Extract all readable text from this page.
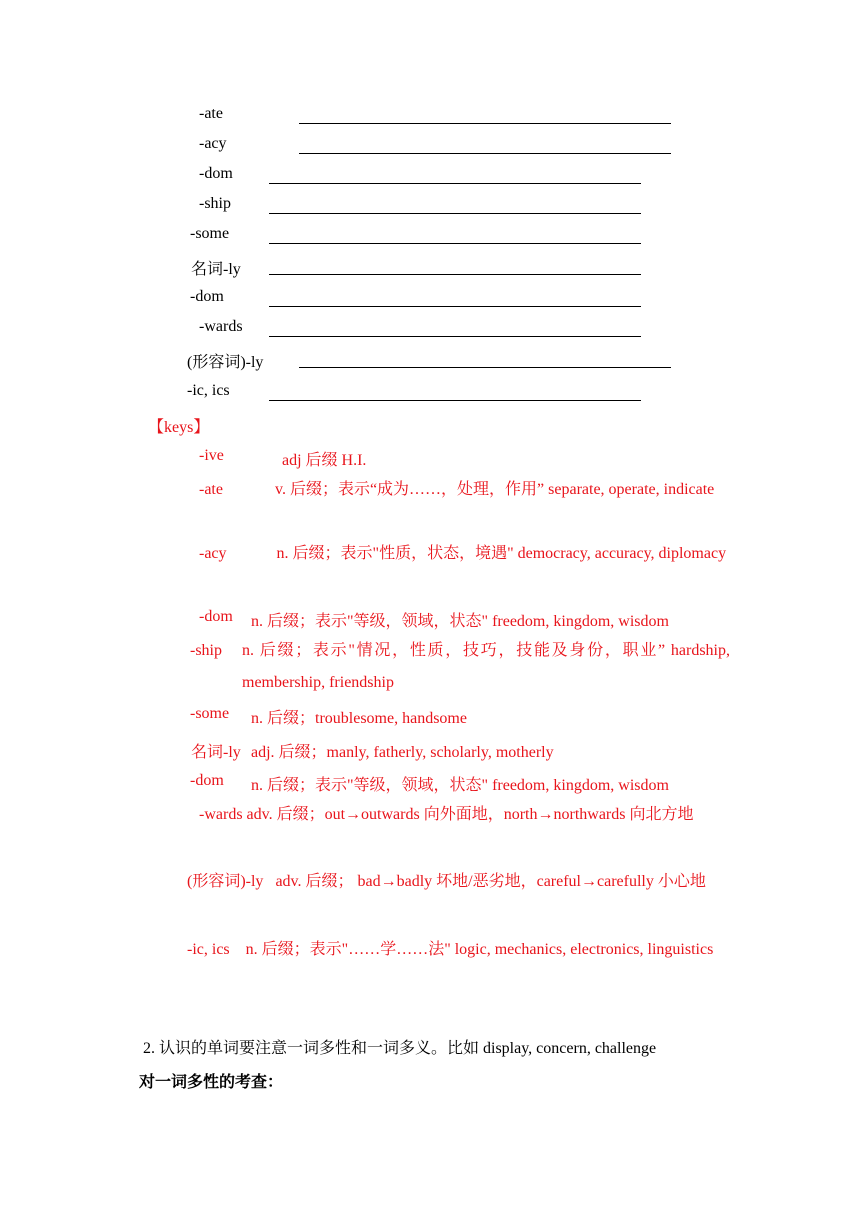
-ate
-acy
-dom
-ship
-some
名词-ly
-dom
-wards
(形容词)-ly
-ic, ics
【keys】
-ive	adj 后缀 H.I.
-ate	v. 后缀；表示“成为……，处理，作用” separate, operate, indicate
-acy	n. 后缀；表示"性质，状态，境遇" democracy, accuracy, diplomacy
-dom n. 后缀；表示"等级，领域，状态" freedom, kingdom, wisdom
-ship n. 后缀；表示"情况，性质，技巧，技能及身份，职业” hardship, membership, friendship
-some n. 后缀；troublesome, handsome
名词-ly adj. 后缀；manly, fatherly, scholarly, motherly
-dom n. 后缀；表示"等级，领域，状态" freedom, kingdom, wisdom
-wards adv. 后缀；out→outwards 向外面地，north→northwards 向北方地
(形容词)-ly adv. 后缀； bad→badly 坏地/恶劣地，careful→carefully 小心地
-ic, ics n. 后缀；表示"……学……法" logic, mechanics, electronics, linguistics
2. 认识的单词要注意一词多性和一词多义。比如 display, concern, challenge
对一词多性的考查：
